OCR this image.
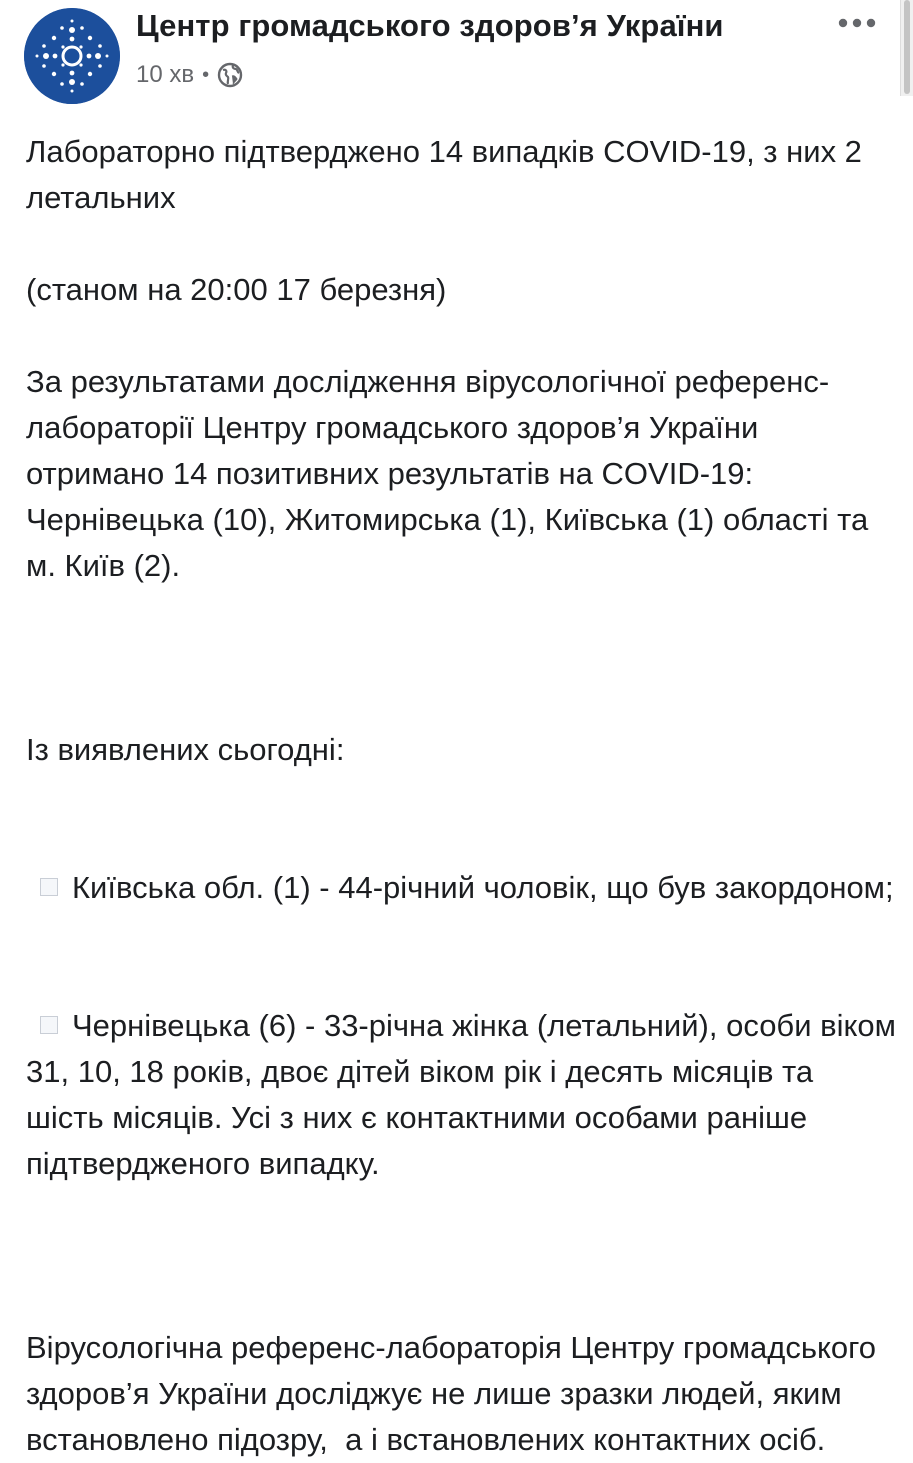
Центр громадського здоров’я України
10 хв •

Лабораторно підтверджено 14 випадків COVID-19, з них 2 летальних

(станом на 20:00 17 березня)

За результатами дослідження вірусологічної референс-лабораторії Центру громадського здоров’я України отримано 14 позитивних результатів на COVID-19: Чернівецька (10), Житомирська (1), Київська (1) області та м. Київ (2).

Із виявлених сьогодні:

Київська обл. (1) - 44-річний чоловік, що був закордоном;

Чернівецька (6) - 33-річна жінка (летальний), особи віком 31, 10, 18 років, двоє дітей віком рік і десять місяців та шість місяців. Усі з них є контактними особами раніше підтвердженого випадку.

Вірусологічна референс-лабораторія Центру громадського здоров’я України досліджує не лише зразки людей, яким встановлено підозру,  а і встановлених контактних осіб.
